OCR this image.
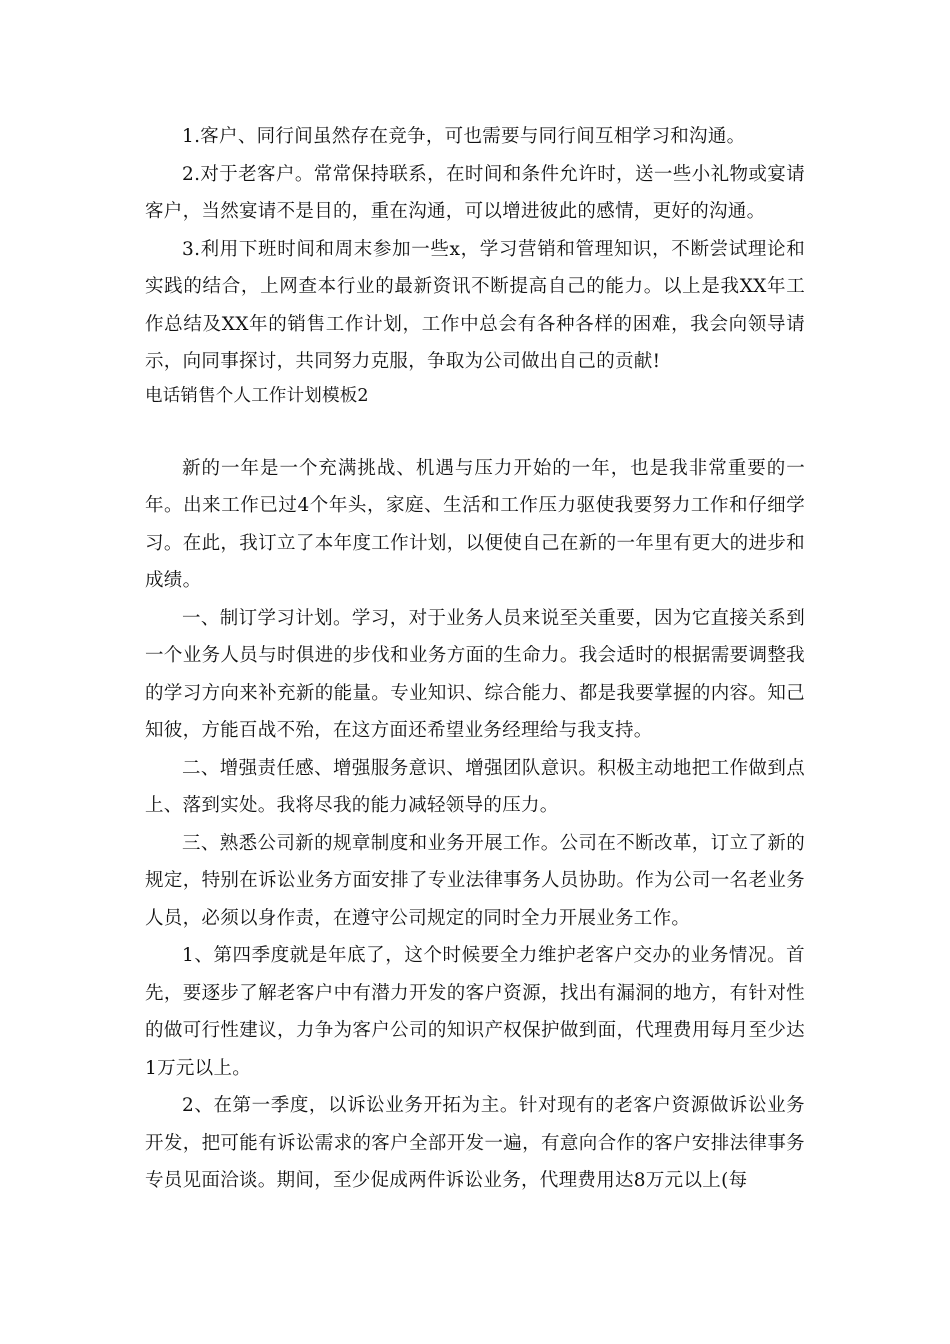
1.客户、同行间虽然存在竞争，可也需要与同行间互相学习和沟通。

2.对于老客户。常常保持联系，在时间和条件允许时，送一些小礼物或宴请客户，当然宴请不是目的，重在沟通，可以增进彼此的感情，更好的沟通。

3.利用下班时间和周末参加一些x，学习营销和管理知识，不断尝试理论和实践的结合，上网查本行业的最新资讯不断提高自己的能力。以上是我XX年工作总结及XX年的销售工作计划，工作中总会有各种各样的困难，我会向领导请示，向同事探讨，共同努力克服，争取为公司做出自己的贡献!

电话销售个人工作计划模板2

新的一年是一个充满挑战、机遇与压力开始的一年，也是我非常重要的一年。出来工作已过4个年头，家庭、生活和工作压力驱使我要努力工作和仔细学习。在此，我订立了本年度工作计划，以便使自己在新的一年里有更大的进步和成绩。

一、制订学习计划。学习，对于业务人员来说至关重要，因为它直接关系到一个业务人员与时俱进的步伐和业务方面的生命力。我会适时的根据需要调整我的学习方向来补充新的能量。专业知识、综合能力、都是我要掌握的内容。知己知彼，方能百战不殆，在这方面还希望业务经理给与我支持。

二、增强责任感、增强服务意识、增强团队意识。积极主动地把工作做到点上、落到实处。我将尽我的能力减轻领导的压力。

三、熟悉公司新的规章制度和业务开展工作。公司在不断改革，订立了新的规定，特别在诉讼业务方面安排了专业法律事务人员协助。作为公司一名老业务人员，必须以身作责，在遵守公司规定的同时全力开展业务工作。

1、第四季度就是年底了，这个时候要全力维护老客户交办的业务情况。首先，要逐步了解老客户中有潜力开发的客户资源，找出有漏洞的地方，有针对性的做可行性建议，力争为客户公司的知识产权保护做到面，代理费用每月至少达1万元以上。

2、在第一季度，以诉讼业务开拓为主。针对现有的老客户资源做诉讼业务开发，把可能有诉讼需求的客户全部开发一遍，有意向合作的客户安排法律事务专员见面洽谈。期间，至少促成两件诉讼业务，代理费用达8万元以上(每
